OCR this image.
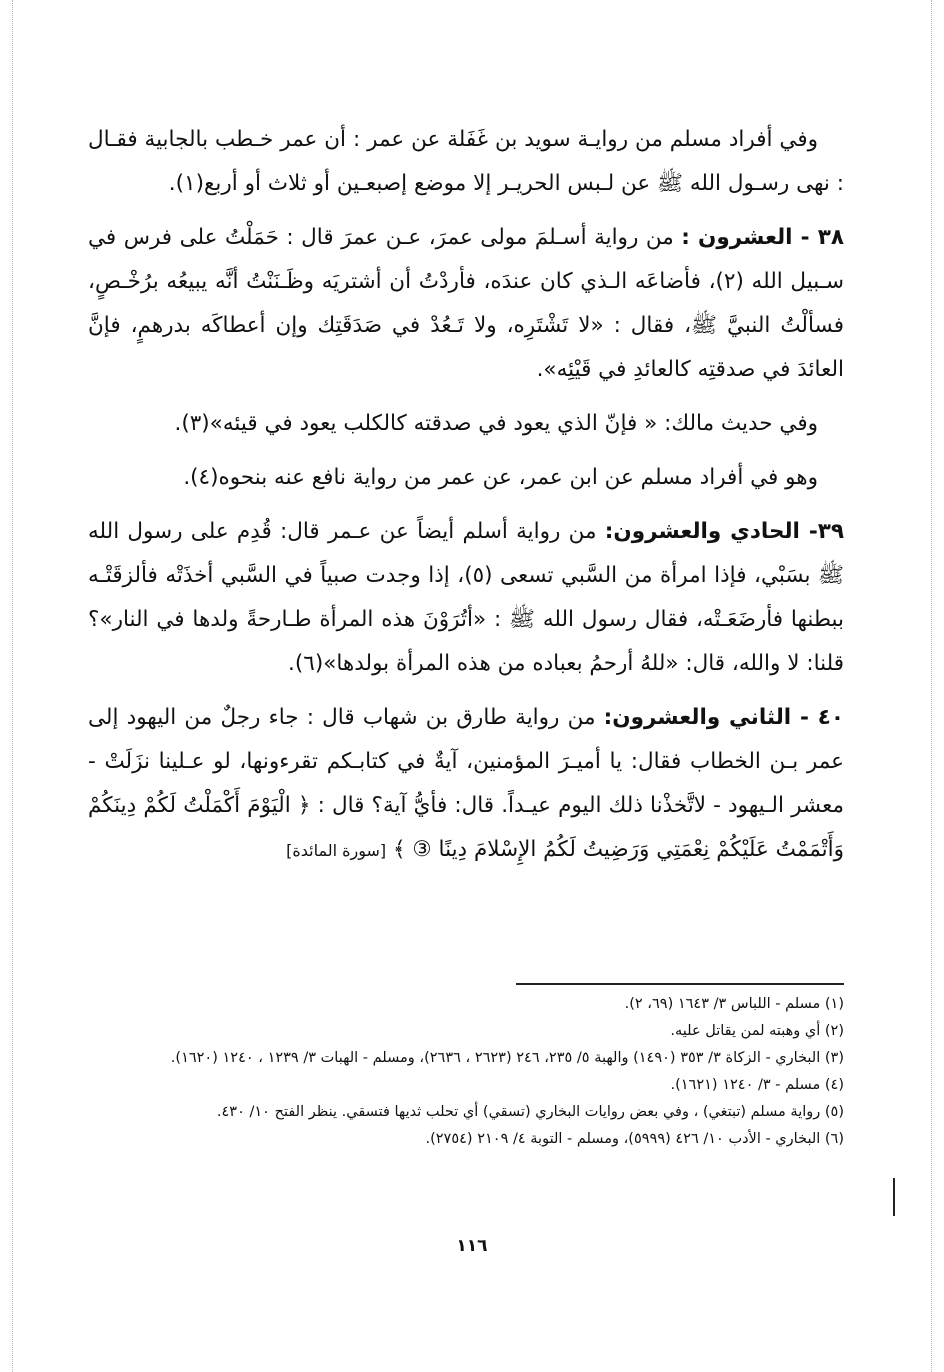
وفي أفراد مسلم من روايـة سويد بن غَفَلة عن عمر : أن عمر خـطب بالجابية فقـال : نهى رسـول الله ﷺ عن لـبس الحريـر إلا موضع إصبعـين أو ثلاث أو أربع(١).

٣٨ - العشرون : من رواية أسـلمَ مولى عمرَ، عـن عمرَ قال : حَمَلْتُ على فرس في سـبيل الله (٢)، فأضاعَه الـذي كان عندَه، فأردْتُ أن أشتريَه وظَـنَنْتُ أنَّه يبيعُه برُخْـصٍ، فسألْتُ النبيَّ ﷺ، فقال : «لا تَشْتَرِه، ولا تَـعُدْ في صَدَقَتِك وإن أعطاكَه بدرهمٍ، فإنَّ العائدَ في صدقتِه كالعائدِ في قَيْئِه».

وفي حديث مالك: « فإنّ الذي يعود في صدقته كالكلب يعود في قيئه»(٣).

وهو في أفراد مسلم عن ابن عمر، عن عمر من رواية نافع عنه بنحوه(٤).

٣٩- الحادي والعشرون: من رواية أسلم أيضاً عن عـمر قال: قُدِم على رسول الله ﷺ بسَبْي، فإذا امرأة من السَّبي تسعى (٥)، إذا وجدت صبياً في السَّبي أخذَتْه فألزقَتْـه ببطنها فأرضَعَـتْه، فقال رسول الله ﷺ : «أتُرَوْنَ هذه المرأة طـارحةً ولدها في النار»؟ قلنا: لا والله، قال: «للهُ أرحمُ بعباده من هذه المرأة بولدها»(٦).

٤٠ - الثاني والعشرون: من رواية طارق بن شهاب قال : جاء رجلٌ من اليهود إلى عمر بـن الخطاب فقال: يا أميـرَ المؤمنين، آيةٌ في كتابـكم تقرءونها، لو عـلينا نزَلَتْ - معشر الـيهود - لاتَّخذْنا ذلك اليوم عيـداً. قال: فأيُّ آية؟ قال : ﴿ الْيَوْمَ أَكْمَلْتُ لَكُمْ دِينَكُمْ وَأَتْمَمْتُ عَلَيْكُمْ نِعْمَتِي وَرَضِيتُ لَكُمُ الإِسْلامَ دِينًا ③ ﴾ [سورة المائدة]

(١) مسلم - اللباس ٣/ ١٦٤٣ (٦٩، ٢).
(٢) أي وهبته لمن يقاتل عليه.
(٣) البخاري - الزكاة ٣/ ٣٥٣ (١٤٩٠) والهبة ٥/ ٢٣٥، ٢٤٦ (٢٦٢٣ ، ٢٦٣٦)، ومسلم - الهبات ٣/ ١٢٣٩ ، ١٢٤٠ (١٦٢٠).
(٤) مسلم - ٣/ ١٢٤٠ (١٦٢١).
(٥) رواية مسلم (تبتغي) ، وفي بعض روايات البخاري (تسقي) أي تحلب ثديها فتسقي. ينظر الفتح ١٠/ ٤٣٠.
(٦) البخاري - الأدب ١٠/ ٤٢٦ (٥٩٩٩)، ومسلم - التوبة ٤/ ٢١٠٩ (٢٧٥٤).
١١٦
